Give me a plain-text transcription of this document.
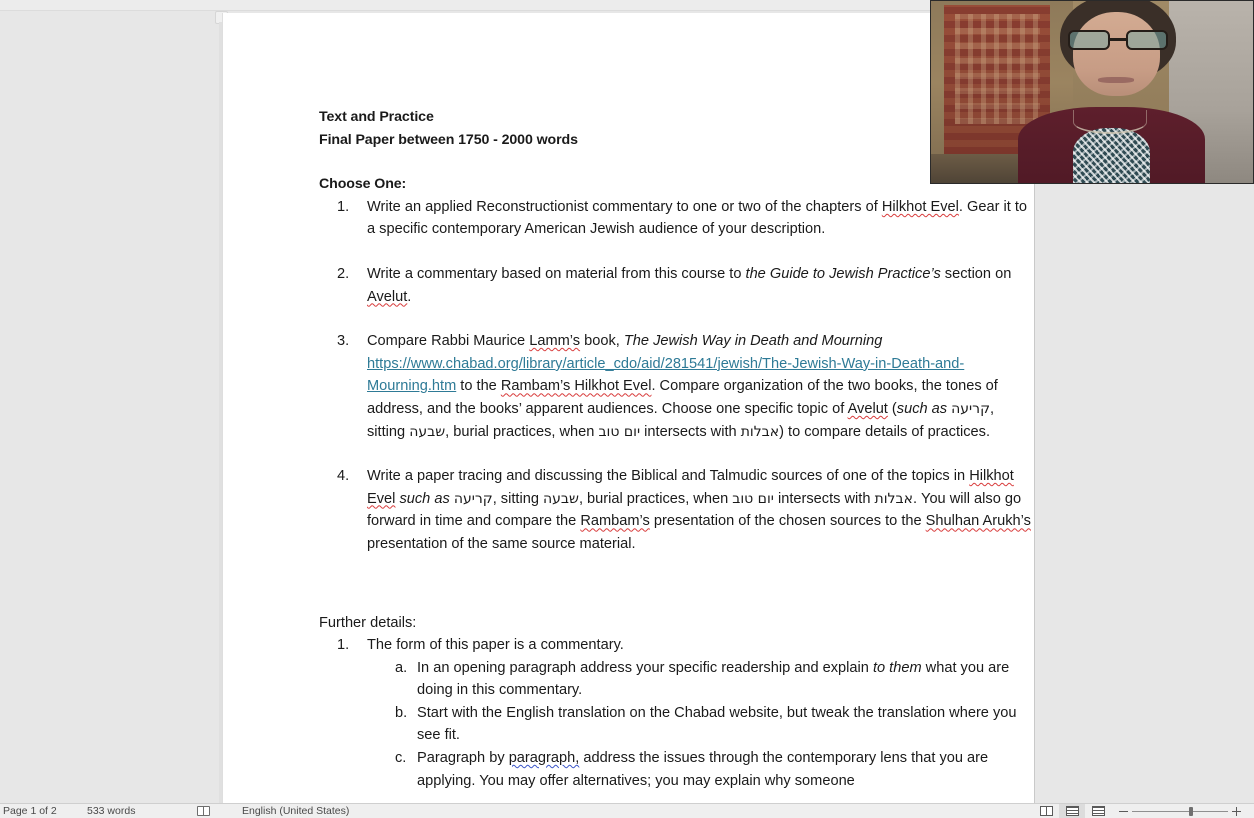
Text and Practice
Final Paper between 1750 - 2000 words
Choose One:
1.	Write an applied Reconstructionist commentary to one or two of the chapters of Hilkhot Evel. Gear it to a specific contemporary American Jewish audience of your description.
2.	Write a commentary based on material from this course to the Guide to Jewish Practice’s section on Avelut.
3.	Compare Rabbi Maurice Lamm’s book, The Jewish Way in Death and Mourning https://www.chabad.org/library/article_cdo/aid/281541/jewish/The-Jewish-Way-in-Death-and-Mourning.htm to the Rambam’s Hilkhot Evel. Compare organization of the two books, the tones of address, and the books’ apparent audiences. Choose one specific topic of Avelut (such as קריעה, sitting שבעה, burial practices, when יום טוב intersects with אבלות) to compare details of practices.
4.	Write a paper tracing and discussing the Biblical and Talmudic sources of one of the topics in Hilkhot Evel such as קריעה, sitting שבעה, burial practices, when יום טוב intersects with אבלות. You will also go forward in time and compare the Rambam’s presentation of the chosen sources to the Shulhan Arukh’s presentation of the same source material.
Further details:
1.	The form of this paper is a commentary.
a. In an opening paragraph address your specific readership and explain to them what you are doing in this commentary.
b. Start with the English translation on the Chabad website, but tweak the translation where you see fit.
c. Paragraph by paragraph, address the issues through the contemporary lens that you are applying. You may offer alternatives; you may explain why someone
Page 1 of 2	533 words	English (United States)
